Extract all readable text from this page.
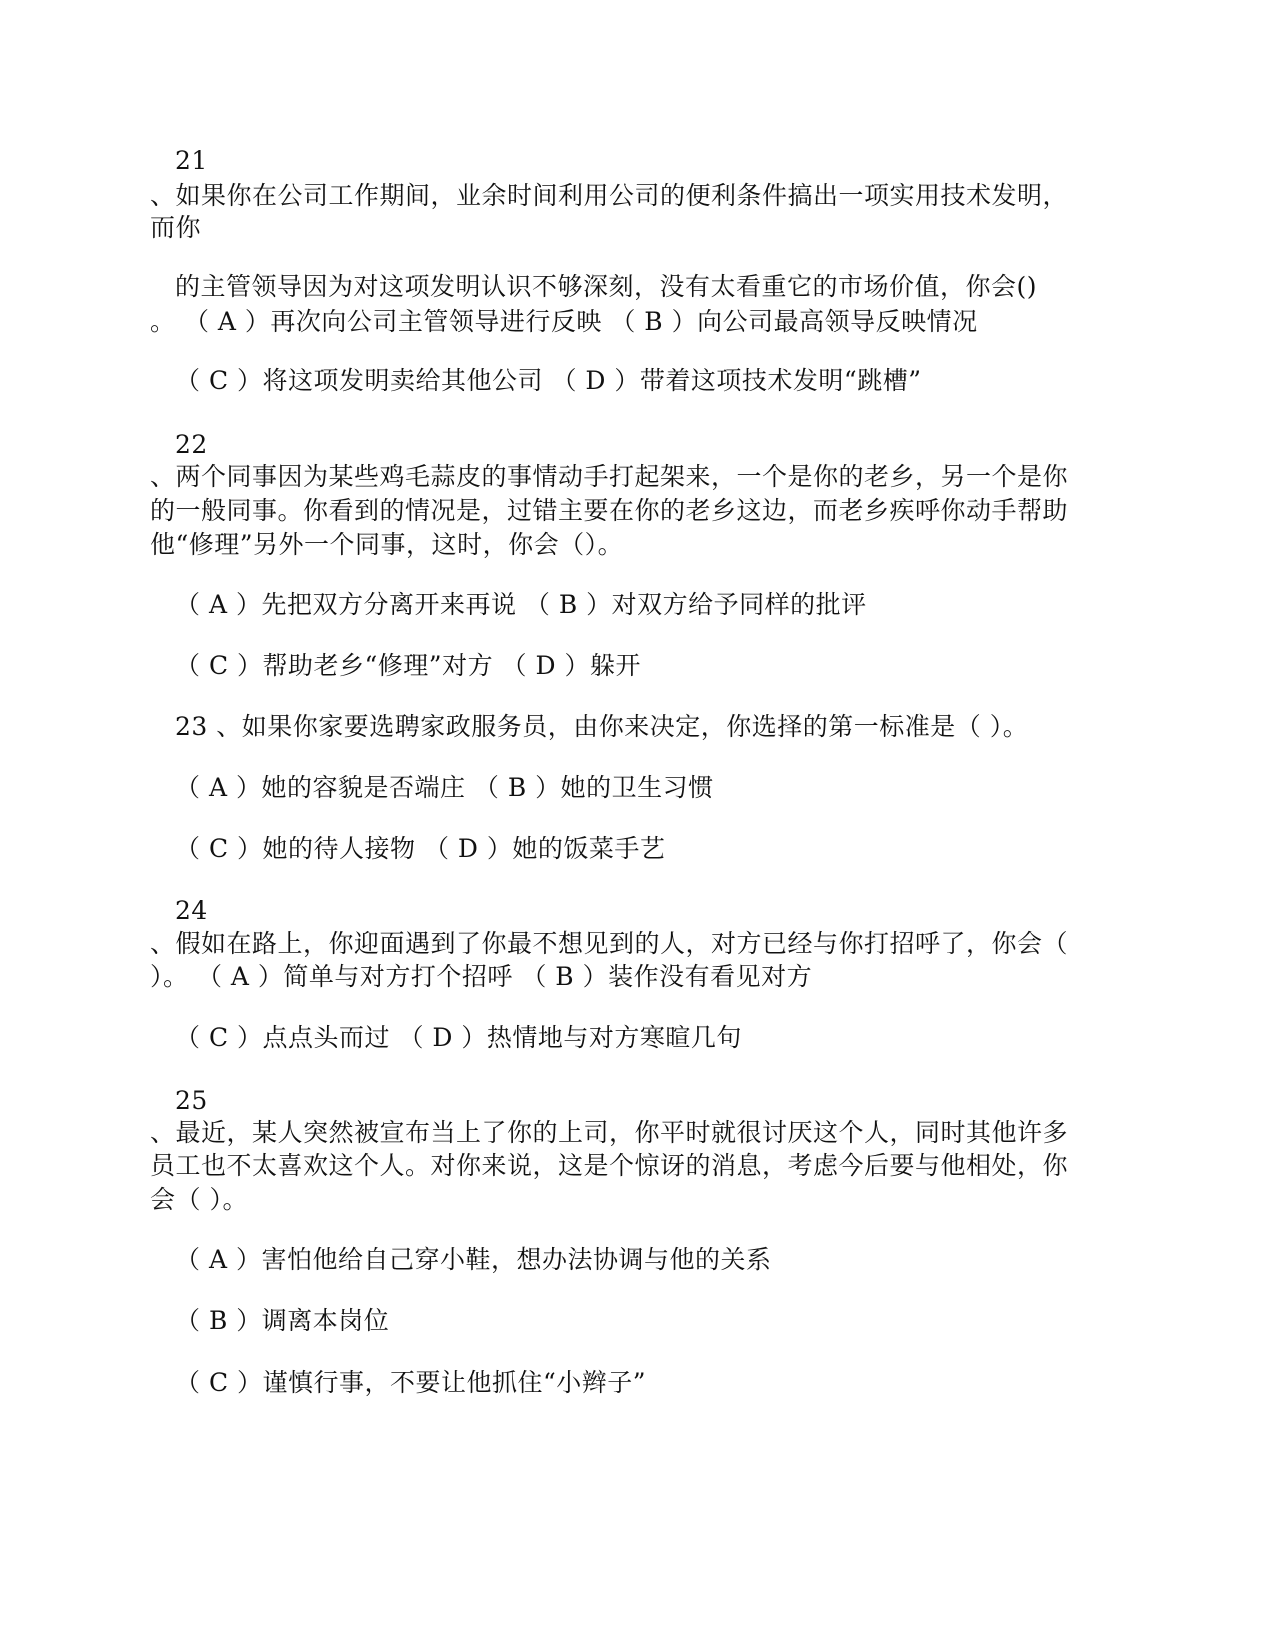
21
、如果你在公司工作期间，业余时间利用公司的便利条件搞出一项实用技术发明，
而你
的主管领导因为对这项发明认识不够深刻，没有太看重它的市场价值，你会()
。 （ A ）再次向公司主管领导进行反映 （ B ）向公司最高领导反映情况
（ C ）将这项发明卖给其他公司 （ D ）带着这项技术发明“跳槽”
22
、两个同事因为某些鸡毛蒜皮的事情动手打起架来，一个是你的老乡，另一个是你
的一般同事。你看到的情况是，过错主要在你的老乡这边，而老乡疾呼你动手帮助
他“修理”另外一个同事，这时，你会（）。
（ A ）先把双方分离开来再说 （ B ）对双方给予同样的批评
（ C ）帮助老乡“修理”对方 （ D ）躲开
23 、如果你家要选聘家政服务员，由你来决定，你选择的第一标准是（ ）。
（ A ）她的容貌是否端庄 （ B ）她的卫生习惯
（ C ）她的待人接物 （ D ）她的饭菜手艺
24
、假如在路上，你迎面遇到了你最不想见到的人，对方已经与你打招呼了，你会（
）。 （ A ）简单与对方打个招呼 （ B ）装作没有看见对方
（ C ）点点头而过 （ D ）热情地与对方寒暄几句
25
、最近，某人突然被宣布当上了你的上司，你平时就很讨厌这个人，同时其他许多
员工也不太喜欢这个人。对你来说，这是个惊讶的消息，考虑今后要与他相处，你
会（ ）。
（ A ）害怕他给自己穿小鞋，想办法协调与他的关系
（ B ）调离本岗位
（ C ）谨慎行事，不要让他抓住“小辫子”
